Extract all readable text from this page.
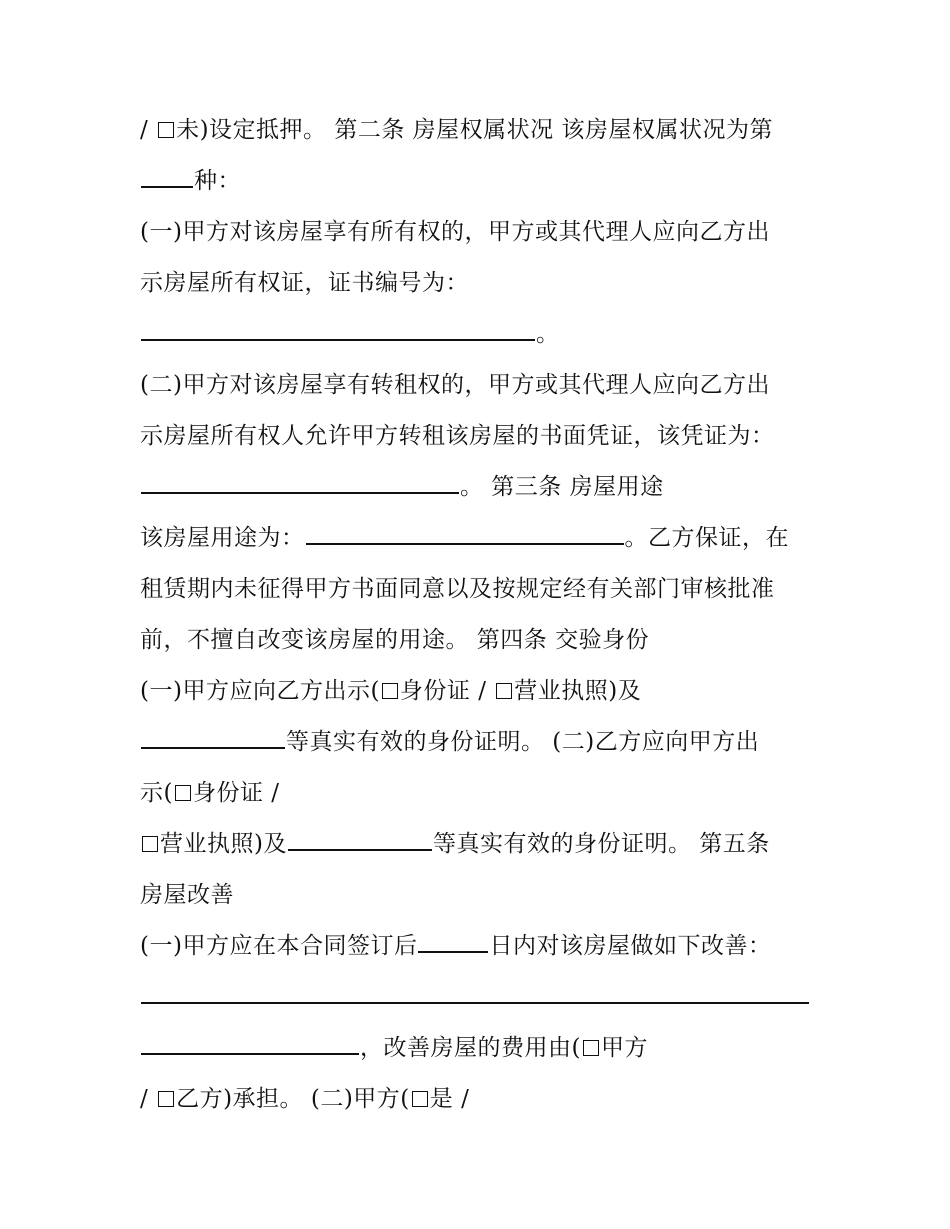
/ 未)设定抵押。 第二条 房屋权属状况 该房屋权属状况为第
种：
(一)甲方对该房屋享有所有权的，甲方或其代理人应向乙方出
示房屋所有权证，证书编号为：
。
(二)甲方对该房屋享有转租权的，甲方或其代理人应向乙方出
示房屋所有权人允许甲方转租该房屋的书面凭证，该凭证为：
。 第三条 房屋用途
该房屋用途为：	。乙方保证，在
租赁期内未征得甲方书面同意以及按规定经有关部门审核批准
前，不擅自改变该房屋的用途。 第四条 交验身份
(一)甲方应向乙方出示( 身份证 / 营业执照)及
等真实有效的身份证明。 (二)乙方应向甲方出
示( 身份证 /
营业执照)及	等真实有效的身份证明。 第五条
房屋改善
(一)甲方应在本合同签订后	日内对该房屋做如下改善：
，改善房屋的费用由( 甲方
/ 乙方)承担。 (二)甲方( 是 /
